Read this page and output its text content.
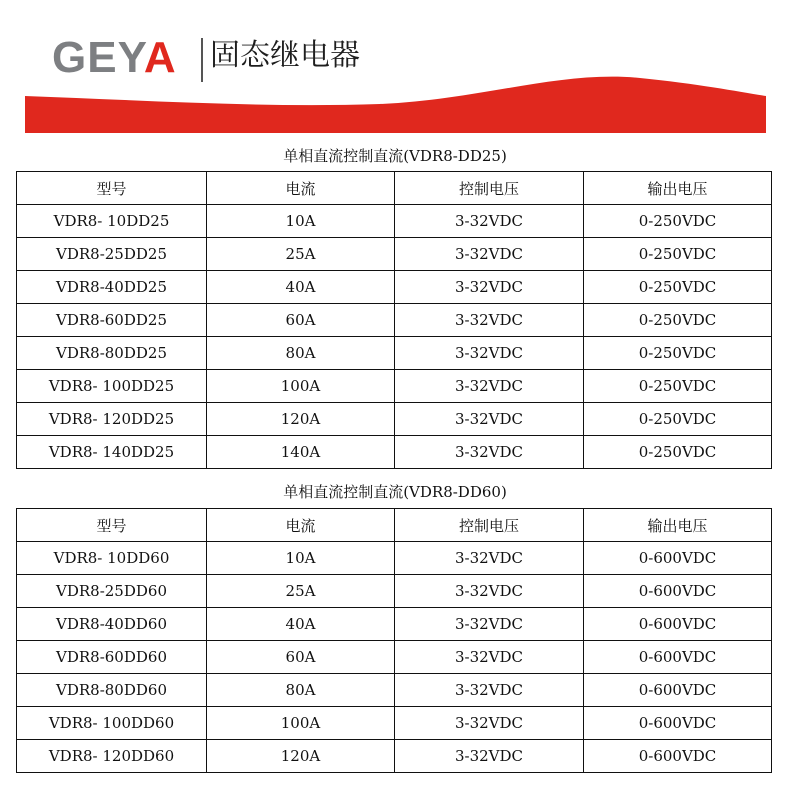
GEYA 固态继电器
单相直流控制直流(VDR8-DD25)
型号	电流	控制电压	输出电压
VDR8- 10DD25	10A	3-32VDC	0-250VDC
VDR8-25DD25	25A	3-32VDC	0-250VDC
VDR8-40DD25	40A	3-32VDC	0-250VDC
VDR8-60DD25	60A	3-32VDC	0-250VDC
VDR8-80DD25	80A	3-32VDC	0-250VDC
VDR8- 100DD25	100A	3-32VDC	0-250VDC
VDR8- 120DD25	120A	3-32VDC	0-250VDC
VDR8- 140DD25	140A	3-32VDC	0-250VDC
单相直流控制直流(VDR8-DD60)
型号	电流	控制电压	输出电压
VDR8- 10DD60	10A	3-32VDC	0-600VDC
VDR8-25DD60	25A	3-32VDC	0-600VDC
VDR8-40DD60	40A	3-32VDC	0-600VDC
VDR8-60DD60	60A	3-32VDC	0-600VDC
VDR8-80DD60	80A	3-32VDC	0-600VDC
VDR8- 100DD60	100A	3-32VDC	0-600VDC
VDR8- 120DD60	120A	3-32VDC	0-600VDC
